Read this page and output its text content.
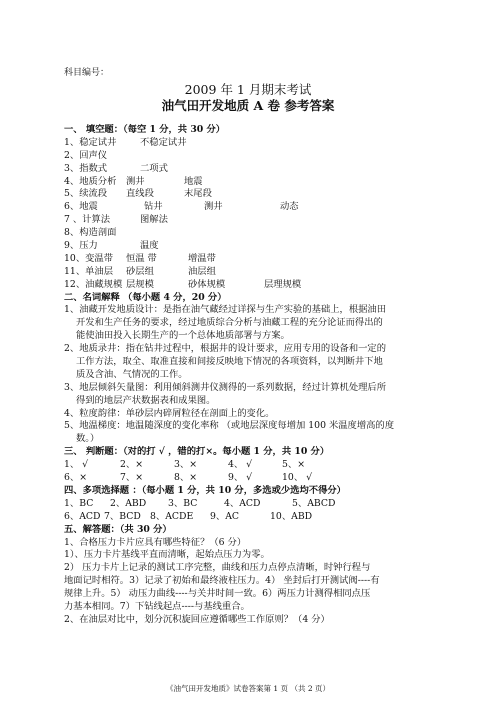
科目编号：
2009 年 1 月期末考试
油气田开发地质 A 卷 参考答案
一、 填空题：（每空 1 分，共 30 分）
1、稳定试井	不稳定试井
2、回声仪
3、指数式	二项式
4、地质分析 测井	地震
5、续流段 直线段	末尾段
6、地震	钻井	测井	动态
7 、计算法	图解法
8、构造剖面
9、压力	温度
10、变温带 恒温 带	增温带
11、单油层 砂层组	油层组
12、油藏规模 层规模	砂体规模	层理规模
二、名词解释 （每小题 4 分，20 分）
1、油藏开发地质设计：是指在油气藏经过详探与生产实验的基础上，根据油田
开发和生产任务的要求，经过地质综合分析与油藏工程的充分论证而得出的
能使油田投入长期生产的一个总体地质部署与方案。
2、地质录井：指在钻井过程中，根据井的设计要求，应用专用的设备和一定的
工作方法，取全、取准直接和间接反映地下情况的各项资料，以判断井下地
质及含油、气情况的工作。
3、地层倾斜矢量图：利用倾斜测井仪测得的一系列数据，经过计算机处理后所
得到的地层产状数据表和成果图。
4、粒度韵律：单砂层内碎屑粒径在剖面上的变化。
5、地温梯度：地温随深度的变化率称 （或地层深度每增加 100 米温度增高的度
数。）
三、 判断题：（对的打 √ ，错的打×。每小题 1 分，共 10 分）
1、 √	2、×	3、×	4、 √	5、×
6、×	7、×	8、×	9、 √	10、 √
四、多项选择题 ：（每小题 1 分，共 10 分，多选或少选均不得分）
1、BC 2、ABD 3、BC	4、ACD	5、ABCD
6、ACD 7、BCD 8、ACDE 9、AC	10、ABD
五、解答题：（共 30 分）
1、合格压力卡片应具有哪些特征？（6 分）
1）、压力卡片基线平直而清晰，起始点压力为零。
2） 压力卡片上记录的测试工序完整，曲线和压力点停点清晰，时钟行程与
地面记时相符。3）记录了初始和最终液柱压力。4） 坐封后打开测试阀----有
规律上升。5） 动压力曲线----与关井时间一致。6）两压力计测得相同点压
力基本相同。7）下钻线起点----与基线重合。
2、在油层对比中，划分沉积旋回应遵循哪些工作原则？（4 分）
《油气田开发地质》试卷答案第 1 页 （共 2 页）
